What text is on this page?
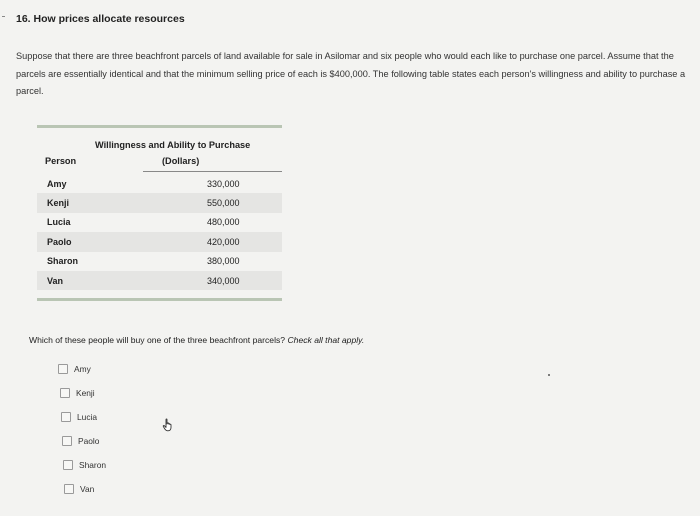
16. How prices allocate resources
Suppose that there are three beachfront parcels of land available for sale in Asilomar and six people who would each like to purchase one parcel. Assume that the parcels are essentially identical and that the minimum selling price of each is $400,000. The following table states each person's willingness and ability to purchase a parcel.
Willingness and Ability to Purchase
Person	(Dollars)
Amy	330,000
Kenji	550,000
Lucia	480,000
Paolo	420,000
Sharon	380,000
Van	340,000
Which of these people will buy one of the three beachfront parcels? Check all that apply.
Amy
Kenji
Lucia
Paolo
Sharon
Van
